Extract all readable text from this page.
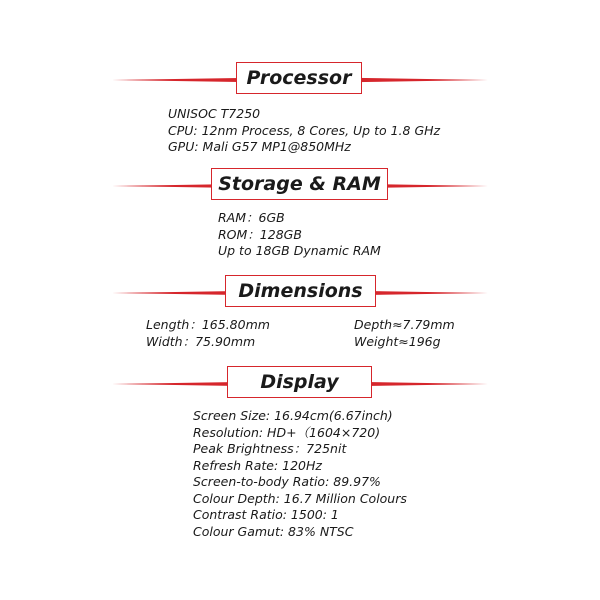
Processor
UNISOC T7250
CPU: 12nm Process, 8 Cores, Up to 1.8 GHz
GPU: Mali G57 MP1@850MHz
Storage & RAM
RAM：6GB
ROM：128GB
Up to 18GB Dynamic RAM
Dimensions
Length：165.80mm
Width：75.90mm
Depth≈7.79mm
Weight≈196g
Display
Screen Size: 16.94cm(6.67inch)
Resolution: HD+（1604×720)
Peak Brightness：725nit
Refresh Rate: 120Hz
Screen-to-body Ratio: 89.97%
Colour Depth: 16.7 Million Colours
Contrast Ratio: 1500: 1
Colour Gamut: 83% NTSC
